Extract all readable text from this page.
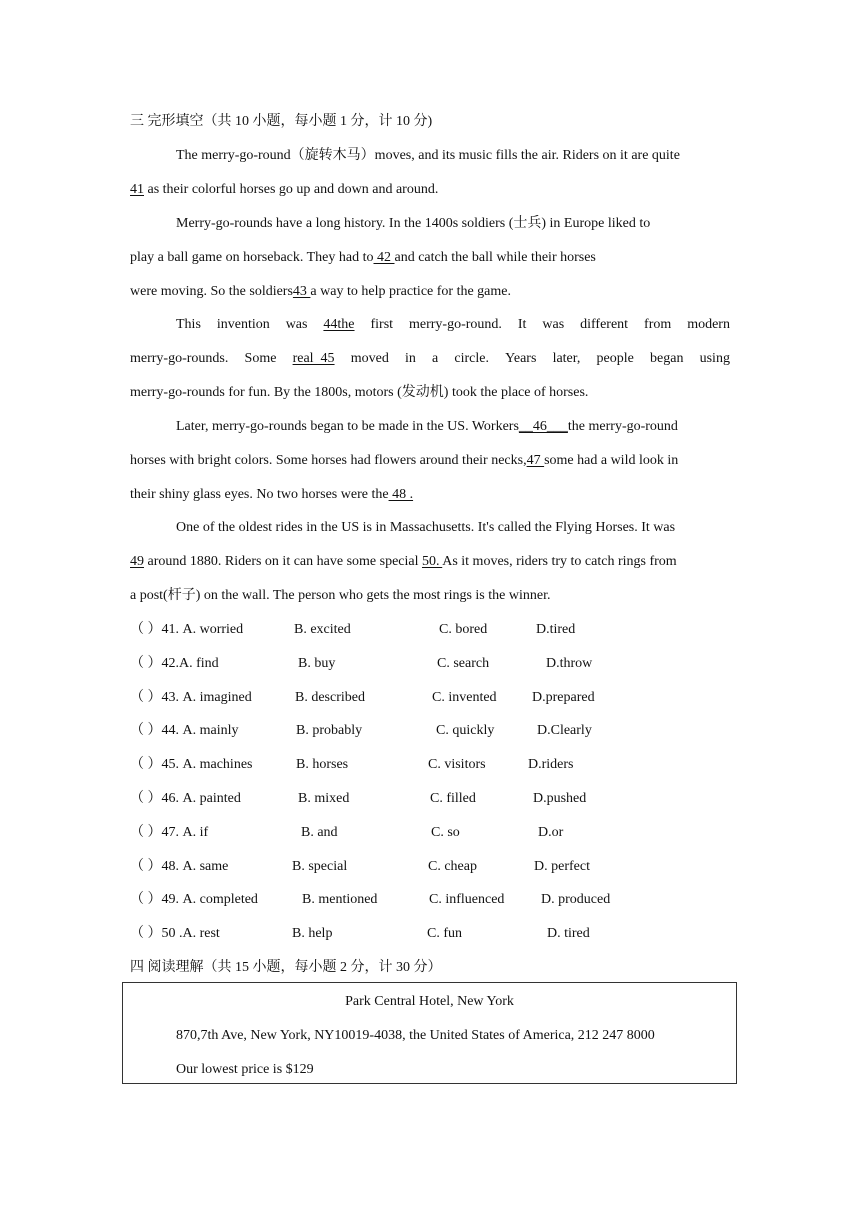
三 完形填空（共 10 小题，每小题 1 分，计 10 分)
The merry-go-round（旋转木马）moves, and its music fills the air. Riders on it are quite
41 as their colorful horses go up and down and around.
Merry-go-rounds have a long history. In the 1400s soldiers (士兵) in Europe liked to
play a ball game on horseback. They had to 42 and catch the ball while their horses
were moving. So the soldiers43 a way to help practice for the game.
This invention was 44the first merry-go-round. It was different from modern
merry-go-rounds. Some real  45 moved in a circle. Years later, people began using
merry-go-rounds for fun. By the 1800s, motors (发动机) took the place of horses.
Later, merry-go-rounds began to be made in the US. Workers__46___the merry-go-round
horses with bright colors. Some horses had flowers around their necks,47 some had a wild look in
their shiny glass eyes. No two horses were the 48 .
One of the oldest rides in the US is in Massachusetts. It's called the Flying Horses. It was
49 around 1880. Riders on it can have some special 50. As it moves, riders try to catch rings from
a post(杆子) on the wall. The person who gets the most rings is the winner.
（ ）41. A. worried	B. excited	C. bored	D.tired
（ ）42.A. find	B. buy	C. search	D.throw
（ ）43. A. imagined	B. described	C. invented	D.prepared
（ ）44. A. mainly	B. probably	C. quickly	D.Clearly
（ ）45. A. machines	B. horses	C. visitors	D.riders
（ ）46. A. painted	B. mixed	C. filled	D.pushed
（ ）47. A. if	B. and	C. so	D.or
（ ）48. A. same	B. special	C. cheap	D. perfect
（ ）49. A. completed	B. mentioned	C. influenced	D. produced
（ ）50 .A. rest	B. help	C. fun	D. tired
四 阅读理解（共 15 小题，每小题 2 分，计 30 分）
Park Central Hotel, New York
870,7th Ave, New York, NY10019-4038, the United States of America, 212 247 8000
Our lowest price is $129
